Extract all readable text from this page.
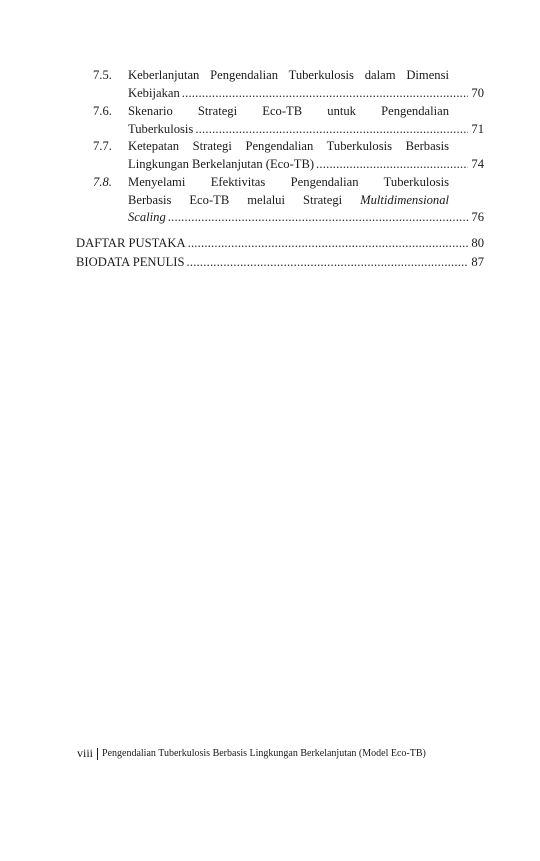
7.5.	Keberlanjutan Pengendalian Tuberkulosis dalam Dimensi
Kebijakan .....	70
7.6.	Skenario Strategi Eco-TB untuk Pengendalian
Tuberkulosis .....	71
7.7.	Ketepatan Strategi Pengendalian Tuberkulosis Berbasis
Lingkungan Berkelanjutan (Eco-TB) .....	74
7.8.	Menyelami Efektivitas Pengendalian Tuberkulosis
Berbasis Eco-TB melalui Strategi Multidimensional
Scaling .....	76
DAFTAR PUSTAKA .....	80
BIODATA PENULIS .....	87
viii Pengendalian Tuberkulosis Berbasis Lingkungan Berkelanjutan (Model Eco-TB)
